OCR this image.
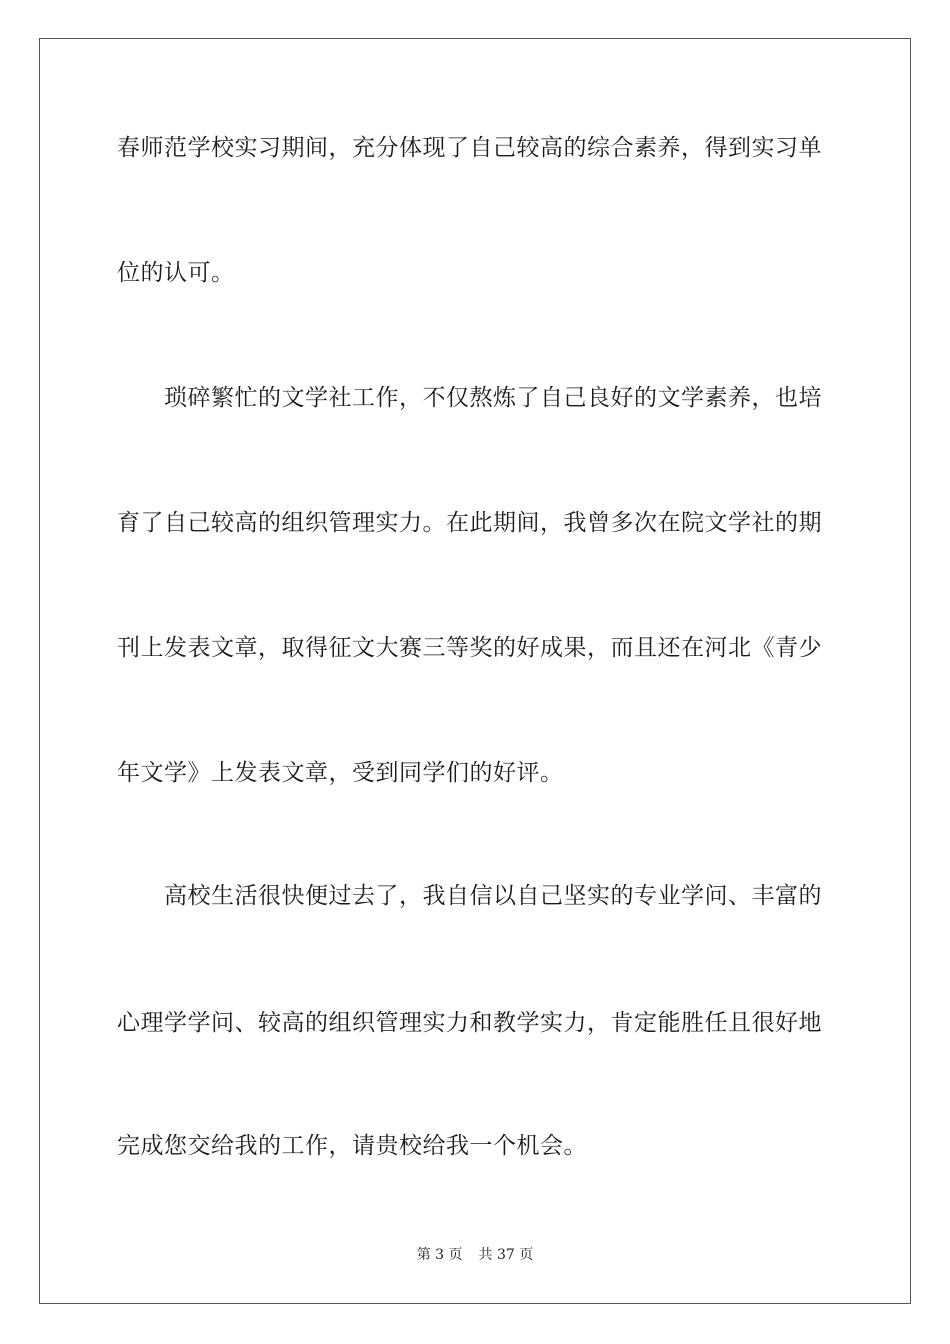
春师范学校实习期间，充分体现了自己较高的综合素养，得到实习单
位的认可。
琐碎繁忙的文学社工作，不仅熬炼了自己良好的文学素养，也培
育了自己较高的组织管理实力。在此期间，我曾多次在院文学社的期
刊上发表文章，取得征文大赛三等奖的好成果，而且还在河北《青少
年文学》上发表文章，受到同学们的好评。
高校生活很快便过去了，我自信以自己坚实的专业学问、丰富的
心理学学问、较高的组织管理实力和教学实力，肯定能胜任且很好地
完成您交给我的工作，请贵校给我一个机会。
第 3 页 共 37 页
